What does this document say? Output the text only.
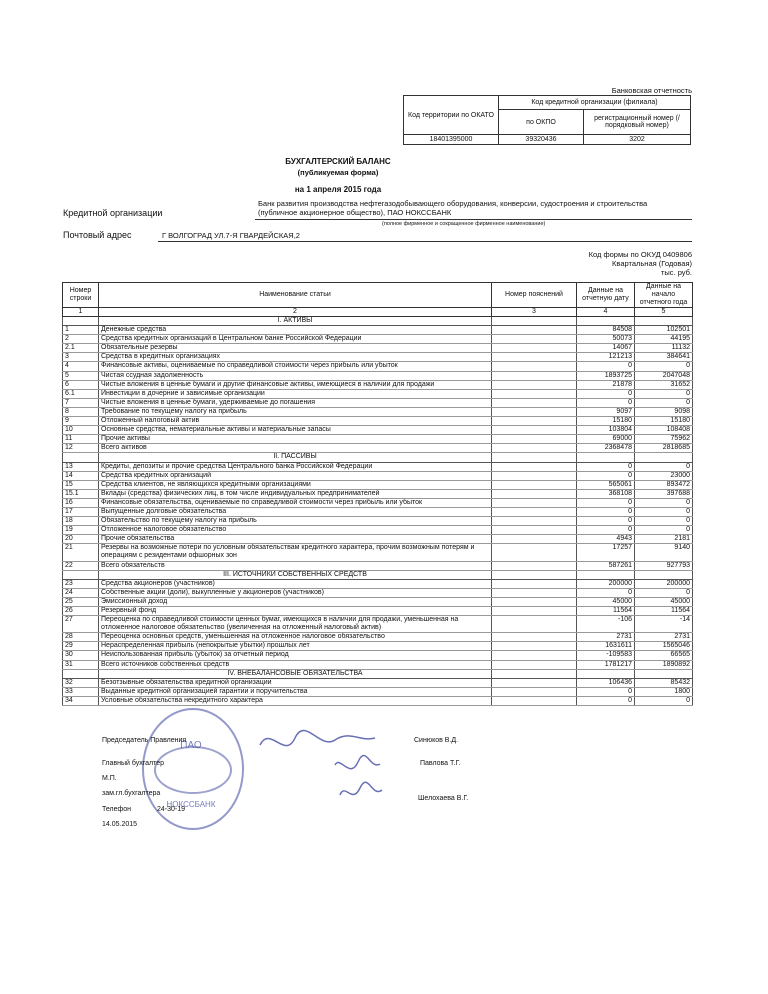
Банковская отчетность
Код территории по ОКАТО	Код кредитной организации (филиала)	
	по ОКПО	регистрационный номер (/порядковый номер)
18401395000	39320436	3202
БУХГАЛТЕРСКИЙ БАЛАНС
(публикуемая форма)
на 1 апреля 2015 года
Кредитной организации
Банк развития производства нефтегазодобывающего оборудования, конверсии, судостроения и строительства (публичное акционерное общество), ПАО НОКССБАНК
(полное фирменное и сокращенное фирменное наименование)
Почтовый адрес	Г ВОЛГОГРАД УЛ.7-Я ГВАРДЕЙСКАЯ,2
Код формы по ОКУД 0409806
Квартальная (Годовая)
тыс. руб.
Номер строки	Наименование статьи	Номер пояснений	Данные на отчетную дату	Данные на начало отчетного года
1	2	3	4	5
	I. АКТИВЫ			
1	Денежные средства		84508	102501
2	Средства кредитных организаций в Центральном банке Российской Федерации		50073	44195
2.1	Обязательные резервы		14067	11132
3	Средства в кредитных организациях		121213	384641
4	Финансовые активы, оцениваемые по справедливой стоимости через прибыль или убыток		0	0
5	Чистая ссудная задолженность		1893725	2047048
6	Чистые вложения в ценные бумаги и другие финансовые активы, имеющиеся в наличии для продажи		21878	31652
6.1	Инвестиции в дочерние и зависимые организации		0	0
7	Чистые вложения в ценные бумаги, удерживаемые до погашения		0	0
8	Требование по текущему налогу на прибыль		9097	9098
9	Отложенный налоговый актив		15180	15180
10	Основные средства, нематериальные активы и материальные запасы		103804	108408
11	Прочие активы		69000	75962
12	Всего активов		2368478	2818685
	II. ПАССИВЫ			
13	Кредиты, депозиты и прочие средства Центрального банка Российской Федерации		0	0
14	Средства кредитных организаций		0	23000
15	Средства клиентов, не являющихся кредитными организациями		565061	893472
15.1	Вклады (средства) физических лиц, в том числе индивидуальных предпринимателей		368108	397688
16	Финансовые обязательства, оцениваемые по справедливой стоимости через прибыль или убыток		0	0
17	Выпущенные долговые обязательства		0	0
18	Обязательство по текущему налогу на прибыль		0	0
19	Отложенное налоговое обязательство		0	0
20	Прочие обязательства		4943	2181
21	Резервы на возможные потери по условным обязательствам кредитного характера, прочим возможным потерям и операциям с резидентами офшорных зон		17257	9140
22	Всего обязательств		587261	927793
	III. ИСТОЧНИКИ СОБСТВЕННЫХ СРЕДСТВ			
23	Средства акционеров (участников)		200000	200000
24	Собственные акции (доли), выкупленные у акционеров (участников)		0	0
25	Эмиссионный доход		45000	45000
26	Резервный фонд		11564	11564
27	Переоценка по справедливой стоимости ценных бумаг, имеющихся в наличии для продажи, уменьшенная на отложенное налоговое обязательство (увеличенная на отложенный налоговый актив)		-106	-14
28	Переоценка основных средств, уменьшенная на отложенное налоговое обязательство		2731	2731
29	Нераспределенная прибыль (непокрытые убытки) прошлых лет		1631611	1565046
30	Неиспользованная прибыль (убыток) за отчетный период		-109583	66565
31	Всего источников собственных средств		1781217	1890892
	IV. ВНЕБАЛАНСОВЫЕ ОБЯЗАТЕЛЬСТВА			
32	Безотзывные обязательства кредитной организации		106436	85432
33	Выданные кредитной организацией гарантии и поручительства		0	1800
34	Условные обязательства некредитного характера		0	0
ПАО
НОКССБАНК
Председатель Правления	Синюков В.Д.
Главный бухгалтер	Павлова Т.Г.
М.П.
зам.гл.бухгалтера
Шелохаева В.Г.
Телефон	24-30-19
14.05.2015
